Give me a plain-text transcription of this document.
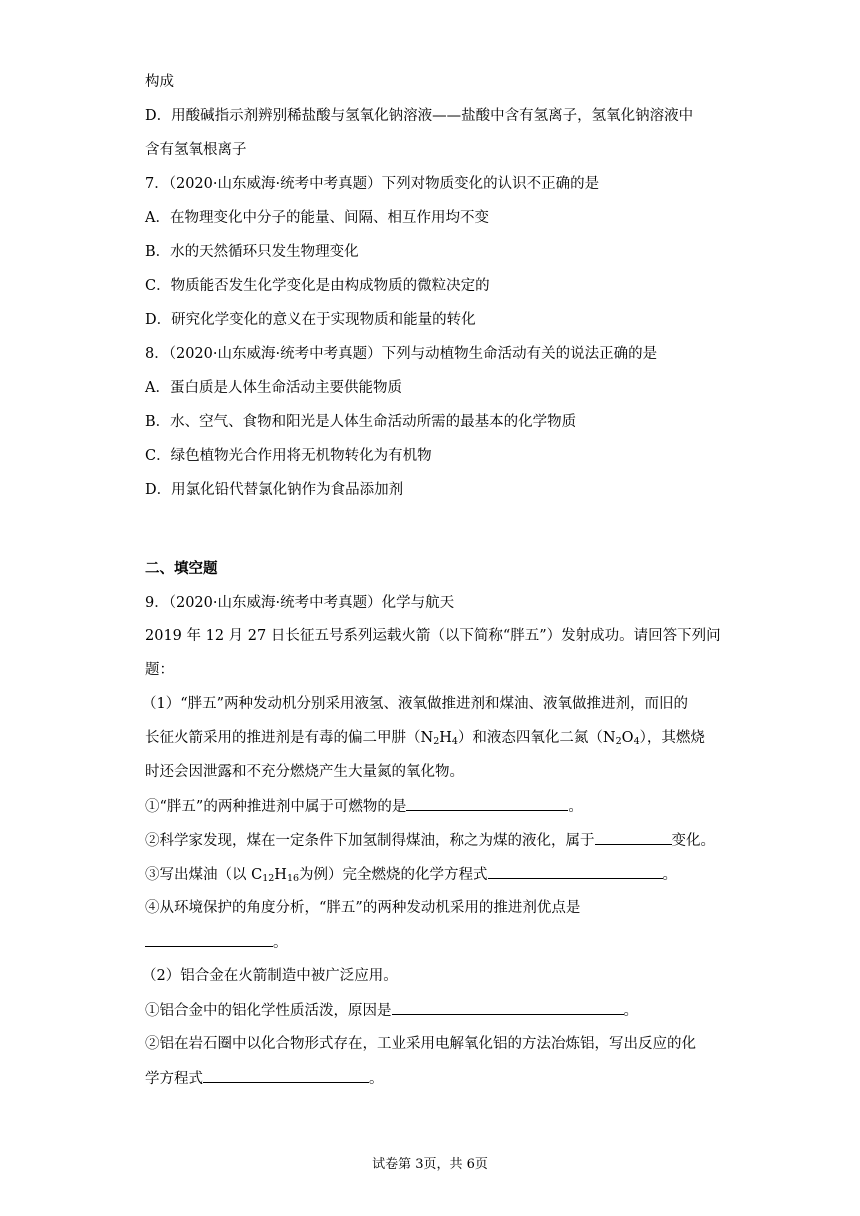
构成
D．用酸碱指示剂辨别稀盐酸与氢氧化钠溶液——盐酸中含有氢离子，氢氧化钠溶液中
含有氢氧根离子
7．（2020·山东威海·统考中考真题）下列对物质变化的认识不正确的是
A．在物理变化中分子的能量、间隔、相互作用均不变
B．水的天然循环只发生物理变化
C．物质能否发生化学变化是由构成物质的微粒决定的
D．研究化学变化的意义在于实现物质和能量的转化
8．（2020·山东威海·统考中考真题）下列与动植物生命活动有关的说法正确的是
A．蛋白质是人体生命活动主要供能物质
B．水、空气、食物和阳光是人体生命活动所需的最基本的化学物质
C．绿色植物光合作用将无机物转化为有机物
D．用氯化铅代替氯化钠作为食品添加剂
二、填空题
9．（2020·山东威海·统考中考真题）化学与航天
2019 年 12 月 27 日长征五号系列运载火箭（以下简称“胖五”）发射成功。请回答下列问
题：
（1）“胖五”两种发动机分别采用液氢、液氧做推进剂和煤油、液氧做推进剂，而旧的
长征火箭采用的推进剂是有毒的偏二甲肼$(N_2H_4)$和液态四氧化二氮$(N_2O_4)$，其燃烧
时还会因泄露和不充分燃烧产生大量氮的氧化物。
①“胖五”的两种推进剂中属于可燃物的是	。
②科学家发现，煤在一定条件下加氢制得煤油，称之为煤的液化，属于	变化。
③写出煤油（以 $C_{12}H_{16}$为例）完全燃烧的化学方程式	。
④从环境保护的角度分析，“胖五”的两种发动机采用的推进剂优点是
。
（2）铝合金在火箭制造中被广泛应用。
①铝合金中的铝化学性质活泼，原因是	。
②铝在岩石圈中以化合物形式存在，工业采用电解氧化铝的方法冶炼铝，写出反应的化
学方程式	。
试卷第 3页，共 6页
